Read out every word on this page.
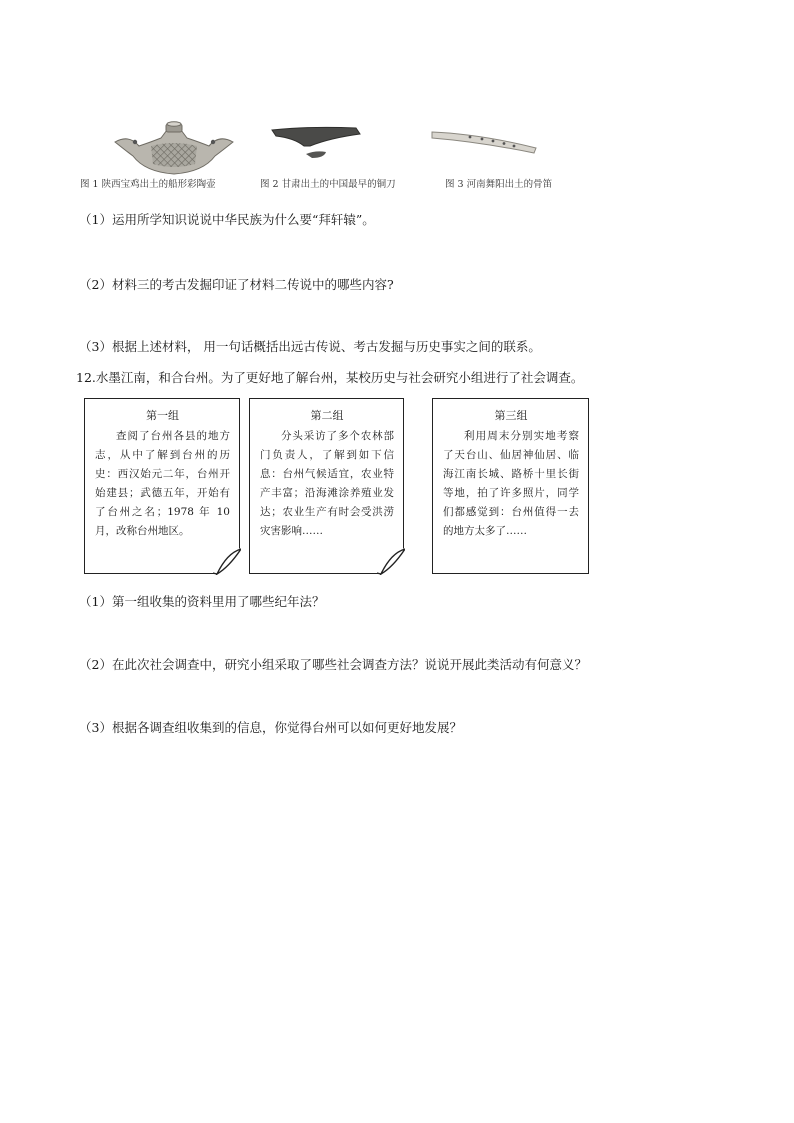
图 1 陕西宝鸡出土的船形彩陶壶	图 2 甘肃出土的中国最早的铜刀	图 3 河南舞阳出土的骨笛
（1）运用所学知识说说中华民族为什么要“拜轩辕”。
（2）材料三的考古发掘印证了材料二传说中的哪些内容?
（3）根据上述材料， 用一句话概括出远古传说、考古发掘与历史事实之间的联系。
12.水墨江南，和合台州。为了更好地了解台州，某校历史与社会研究小组进行了社会调查。
第一组
查阅了台州各县的地方志，从中了解到台州的历史：西汉始元二年，台州开始建县；武德五年，开始有了台州之名；1978 年 10 月，改称台州地区。
第二组
分头采访了多个农林部门负责人，了解到如下信息：台州气候适宜，农业特产丰富；沿海滩涂养殖业发达；农业生产有时会受洪涝灾害影响……
第三组
利用周末分别实地考察了天台山、仙居神仙居、临海江南长城、路桥十里长街等地，拍了许多照片，同学们都感觉到：台州值得一去的地方太多了……
（1）第一组收集的资料里用了哪些纪年法？
（2）在此次社会调查中，研究小组采取了哪些社会调查方法？说说开展此类活动有何意义？
（3）根据各调查组收集到的信息，你觉得台州可以如何更好地发展？
